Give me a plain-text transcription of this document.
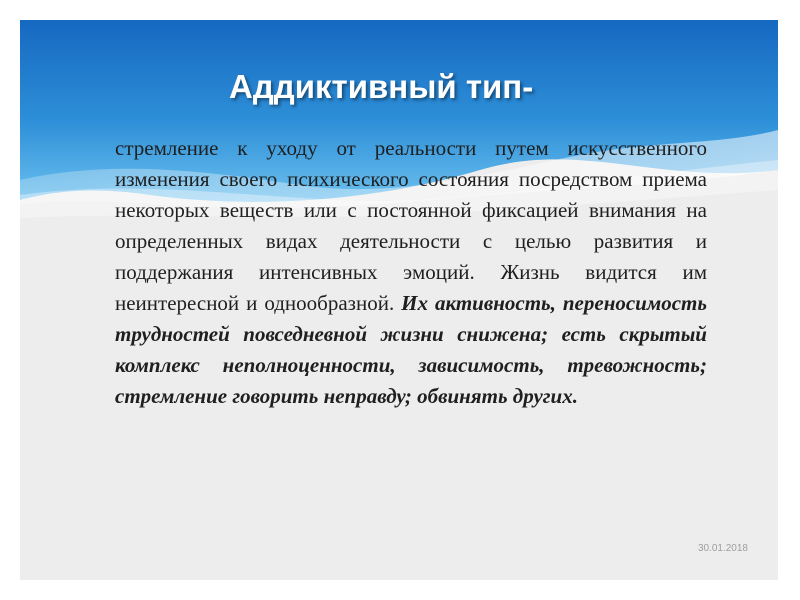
Аддиктивный тип-

стремление к уходу от реальности путем искусственного изменения своего психического состояния посредством приема некоторых веществ или с постоянной фиксацией внимания на определенных видах деятельности с целью развития и поддержания интенсивных эмоций. Жизнь видится им неинтересной и однообразной. Их активность, переносимость трудностей повседневной жизни снижена; есть скрытый комплекс неполноценности, зависимость, тревожность; стремление говорить неправду; обвинять других.

30.01.2018
